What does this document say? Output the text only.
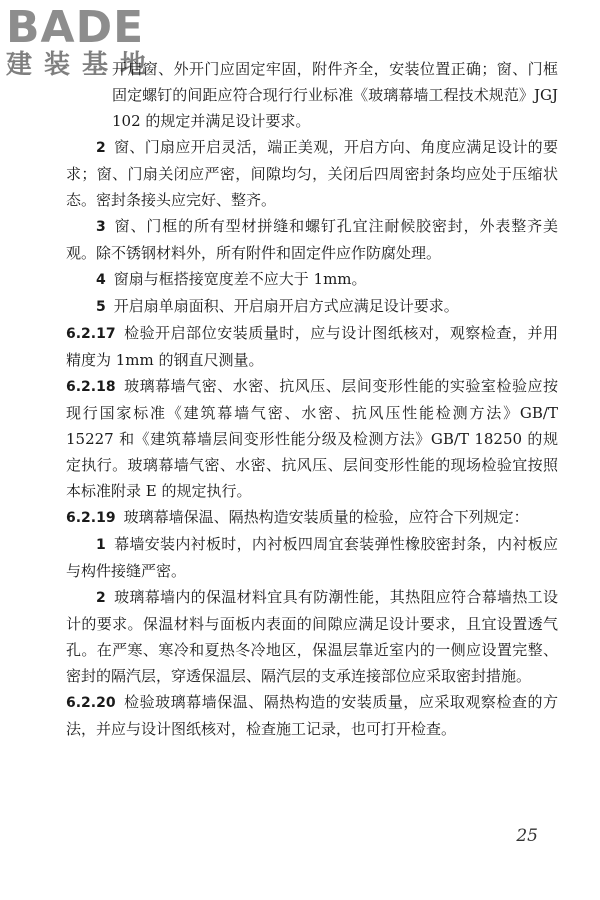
BADE
建装基地

开启窗、外开门应固定牢固，附件齐全，安装位置正确；窗、门框固定螺钉的间距应符合现行行业标准《玻璃幕墙工程技术规范》JGJ 102 的规定并满足设计要求。

2 窗、门扇应开启灵活，端正美观，开启方向、角度应满足设计的要求；窗、门扇关闭应严密，间隙均匀，关闭后四周密封条均应处于压缩状态。密封条接头应完好、整齐。

3 窗、门框的所有型材拼缝和螺钉孔宜注耐候胶密封，外表整齐美观。除不锈钢材料外，所有附件和固定件应作防腐处理。

4 窗扇与框搭接宽度差不应大于 1mm。

5 开启扇单扇面积、开启扇开启方式应满足设计要求。

6.2.17 检验开启部位安装质量时，应与设计图纸核对，观察检查，并用精度为 1mm 的钢直尺测量。

6.2.18 玻璃幕墙气密、水密、抗风压、层间变形性能的实验室检验应按现行国家标准《建筑幕墙气密、水密、抗风压性能检测方法》GB/T 15227 和《建筑幕墙层间变形性能分级及检测方法》GB/T 18250 的规定执行。玻璃幕墙气密、水密、抗风压、层间变形性能的现场检验宜按照本标准附录 E 的规定执行。

6.2.19 玻璃幕墙保温、隔热构造安装质量的检验，应符合下列规定：

1 幕墙安装内衬板时，内衬板四周宜套装弹性橡胶密封条，内衬板应与构件接缝严密。

2 玻璃幕墙内的保温材料宜具有防潮性能，其热阻应符合幕墙热工设计的要求。保温材料与面板内表面的间隙应满足设计要求，且宜设置透气孔。在严寒、寒冷和夏热冬冷地区，保温层靠近室内的一侧应设置完整、密封的隔汽层，穿透保温层、隔汽层的支承连接部位应采取密封措施。

6.2.20 检验玻璃幕墙保温、隔热构造的安装质量，应采取观察检查的方法，并应与设计图纸核对，检查施工记录，也可打开检查。

25
